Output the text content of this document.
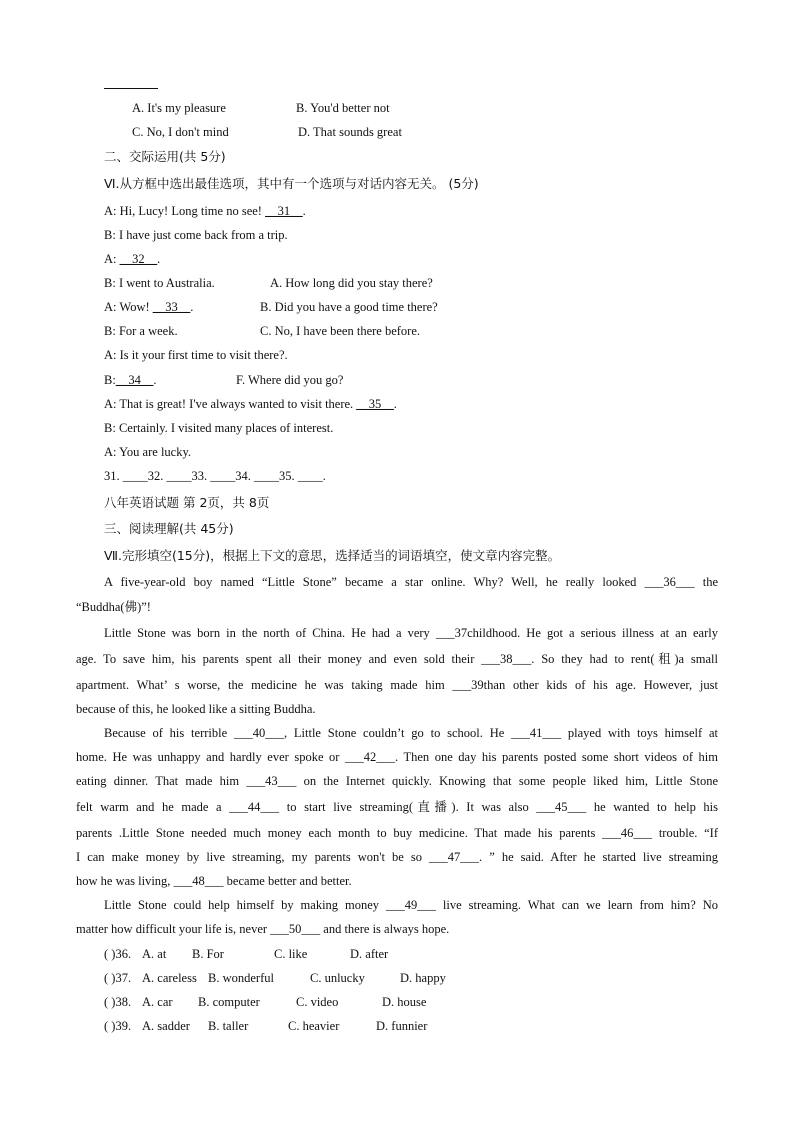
A. It's my pleasure	B. You'd better not
C. No, I don't mind	D. That sounds great
二、交际运用(共 5分)
Ⅵ.从方框中选出最佳选项，其中有一个选项与对话内容无关。 (5分)
A: Hi, Lucy! Long time no see! __31__.
B: I have just come back from a trip.
A: __32__.
B: I went to Australia.	A. How long did you stay there?
A: Wow! __33__.	B. Did you have a good time there?
B: For a week.	C. No, I have been there before.
A: Is it your first time to visit there?.
B:__34__.	F. Where did you go?
A: That is great! I've always wanted to visit there. __35__.
B: Certainly. I visited many places of interest.
A: You are lucky.
31. ____32. ____33. ____34. ____35. ____.
八年英语试题 第 2页，共 8页
三、阅读理解(共 45分)
Ⅶ.完形填空(15分)，根据上下文的意思，选择适当的词语填空，使文章内容完整。
A five-year-old boy named “Little Stone” became a star online. Why? Well, he really looked ___36___ the
“Buddha(佛)”!
Little Stone was born in the north of China. He had a very ___37childhood. He got a serious illness at an early
age. To save him, his parents spent all their money and even sold their ___38___. So they had to rent(租)a small
apartment. What’ s worse, the medicine he was taking made him ___39than other kids of his age. However, just
because of this, he looked like a sitting Buddha.
Because of his terrible ___40___, Little Stone couldn’t go to school. He ___41___ played with toys himself at
home. He was unhappy and hardly ever spoke or ___42___. Then one day his parents posted some short videos of him
eating dinner. That made him ___43___ on the Internet quickly. Knowing that some people liked him, Little Stone
felt warm and he made a ___44___ to start live streaming(直播). It was also ___45___ he wanted to help his
parents .Little Stone needed much money each month to buy medicine. That made his parents ___46___ trouble. “If
I can make money by live streaming, my parents won't be so ___47___. ” he said. After he started live streaming
how he was living, ___48___ became better and better.
Little Stone could help himself by making money ___49___ live streaming. What can we learn from him? No
matter how difficult your life is, never ___50___ and there is always hope.
( )36. A. at B. For	C. like	D. after
( )37. A. careless B. wonderful	C. unlucky	D. happy
( )38. A. car B. computer	C. video	D. house
( )39. A. sadder B. taller	C. heavier	D. funnier
